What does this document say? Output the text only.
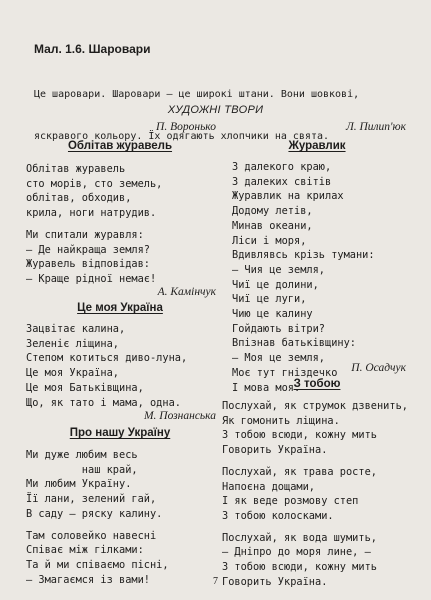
Мал. 1.6. Шаровари

Це шаровари. Шаровари — це широкі штани. Вони шовкові,

яскравого кольору. Їх одягають хлопчики на свята.

ХУДОЖНІ ТВОРИ
П. Воронько
Облітав журавель
Облітав журавель
сто морів, сто земель,
облітав, обходив,
крила, ноги натрудив.
Ми спитали журавля:
— Де найкраща земля?
Журавель відповідав:
— Краще рідної немає!
А. Камінчук
Це моя Україна
Зацвітає калина,
Зеленіє ліщина,
Степом котиться диво-луна,
Це моя Україна,
Це моя Батьківщина,
Що, як тато і мама, одна.
М. Познанська
Про нашу Україну
Ми дуже любим весь
наш край,
Ми любим Україну.
Її лани, зелений гай,
В саду — ряску калину.
Там соловейко навесні
Співає між гілками:
Та й ми співаємо пісні,
— Змагаємся із вами!
Л. Пилип'юк
Журавлик
З далекого краю,
З далеких світів
Журавлик на крилах
Додому летів,
Минав океани,
Ліси і моря,
Вдивлявсь крізь тумани:
— Чия це земля,
Чиї це долини,
Чиї це луги,
Чию це калину
Гойдають вітри?
Впізнав батьківщину:
— Моя це земля,
Моє тут гніздечко
І мова моя.
П. Осадчук
З тобою
Послухай, як струмок дзвенить,
Як гомонить ліщина.
З тобою всюди, кожну мить
Говорить Україна.
Послухай, як трава росте,
Напоєна дощами,
І як веде розмову степ
З тобою колосками.
Послухай, як вода шумить,
— Дніпро до моря лине, —
З тобою всюди, кожну мить
Говорить Україна.
7
